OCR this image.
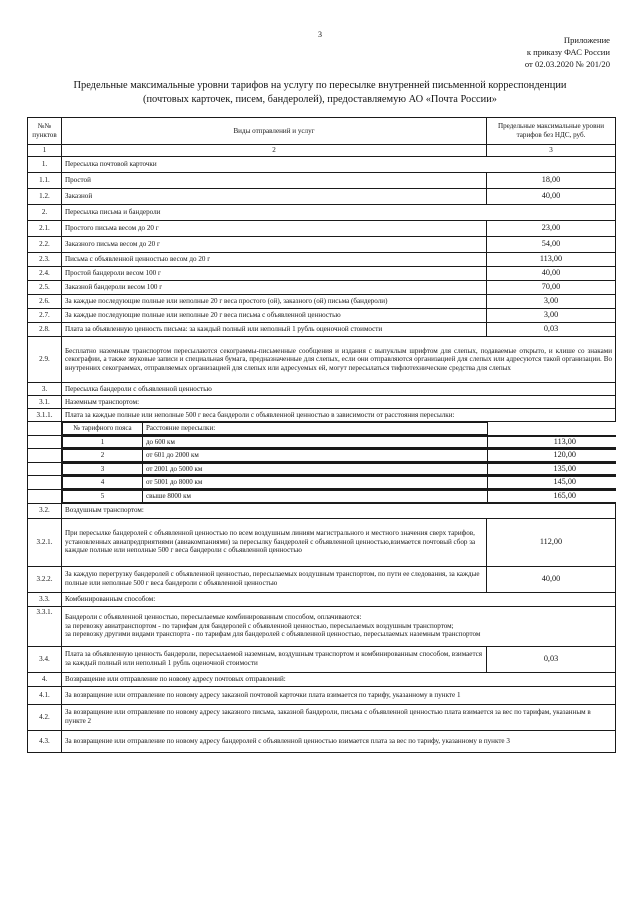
3
Приложение
к приказу ФАС России
от 02.03.2020 № 201/20
Предельные максимальные уровни тарифов на услугу по пересылке внутренней письменной корреспонденции
(почтовых карточек, писем, бандеролей), предоставляемую АО «Почта России»
№№ пунктов	Виды отправлений и услуг	Предельные максимальные уровни тарифов без НДС, руб.
1	2	3
1.	Пересылка почтовой карточки
1.1.	Простой	18,00
1.2.	Заказной	40,00
2.	Пересылка письма и бандероли
2.1.	Простого письма весом до 20 г	23,00
2.2.	Заказного письма весом до 20 г	54,00
2.3.	Письма с объявленной ценностью весом до 20 г	113,00
2.4.	Простой бандероли весом 100 г	40,00
2.5.	Заказной бандероли весом 100 г	70,00
2.6.	За каждые последующие полные или неполные 20 г веса простого (ой), заказного (ой) письма (бандероли)	3,00
2.7.	За каждые последующие полные или неполные 20 г веса письма с объявленной ценностью	3,00
2.8.	Плата за объявленную ценность письма: за каждый полный или неполный 1 рубль оценочной стоимости	0,03
2.9.	Бесплатно наземным транспортом пересылаются секограммы-письменные сообщения и издания с выпуклым шрифтом для слепых, подаваемые открыто, и клише со знаками секографии, а также звуковые записи и специальная бумага, предназначенные для слепых, если они отправляются организацией для слепых или адресуются такой организации. Во внутренних секограммах, отправляемых организацией для слепых или адресуемых ей, могут пересылаться тифлотехнические средства для слепых
3.	Пересылка бандероли с объявленной ценностью
3.1.	Наземным транспортом:
3.1.1.	Плата за каждые полные или неполные 500 г веса бандероли с объявленной ценностью в зависимости от расстояния пересылки:

№ тарифного пояса	Расстояние пересылки:	

1	до 600 км	113,00

2	от 601 до 2000 км	120,00

3	от 2001 до 5000 км	135,00

4	от 5001 до 8000 км	145,00

5	свыше 8000 км	165,00

3.2.	Воздушным транспортом:
3.2.1.	При пересылке бандеролей с объявленной ценностью по всем воздушным линиям магистрального и местного значения сверх тарифов, установленных авиапредприятиями (авиакомпаниями) за пересылку бандеролей с объявленной ценностью,взимается почтовый сбор за каждые полные или неполные 500 г веса бандероли с объявленной ценностью	112,00
3.2.2.	За каждую перегрузку бандеролей с объявленной ценностью, пересылаемых воздушным транспортом, по пути ее следования, за каждые полные или неполные 500 г веса бандероли с объявленной ценностью	40,00
3.3.	Комбинированным способом:
3.3.1.	
Бандероли с объявленной ценностью, пересылаемые комбинированным способом, оплачиваются:
за перевозку авиатранспортом - по тарифам для бандеролей с объявленной ценностью, пересылаемых воздушным транспортом;
за перевозку другими видами транспорта - по тарифам для бандеролей с объявленной ценностью, пересылаемых наземным транспортом

3.4.	Плата за объявленную ценность бандероли, пересылаемой наземным, воздушным транспортом и комбинированным способом, взимается за каждый полный или неполный 1 рубль оценочной стоимости	0,03
4.	Возвращение или отправление по новому адресу почтовых отправлений:
4.1.	За возвращение или отправление по новому адресу заказной почтовой карточки плата взимается по тарифу, указанному в пункте 1
4.2.	За возвращение или отправление по новому адресу заказного письма, заказной бандероли, письма с объявленной ценностью плата взимается за вес по тарифам, указанным в пункте 2
4.3.	За возвращение или отправление по новому адресу бандеролей с объявленной ценностью взимается плата за вес по тарифу, указанному в пункте 3
